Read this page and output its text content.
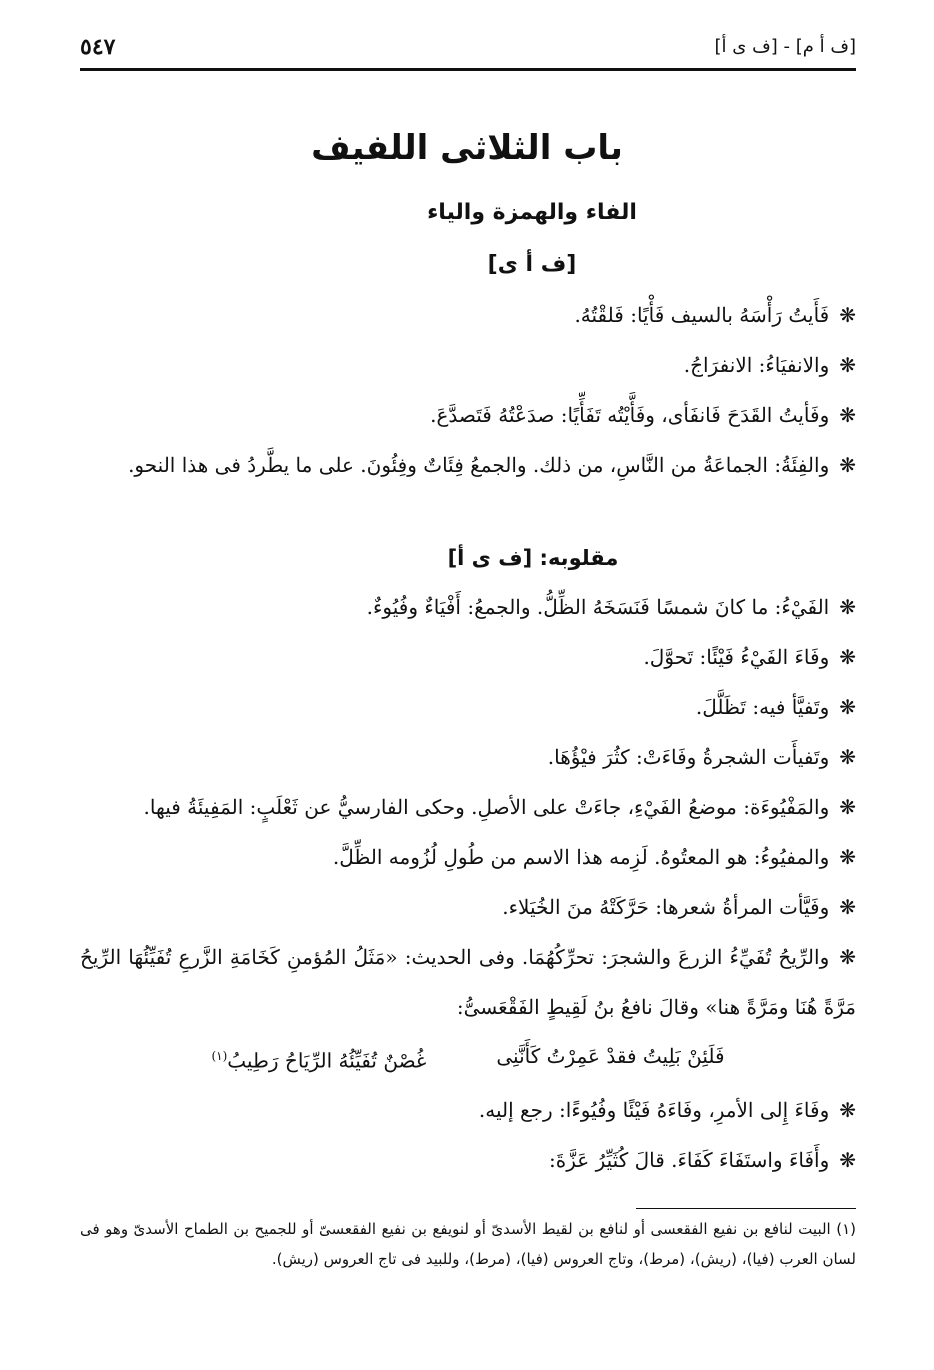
[ف أ م] - [ف ى أ]
٥٤٧
باب الثلاثى اللفيف
الفاء والهمزة والياء
[ف أ ى]

❋فَأَيتُ رَأْسَهُ بالسيف فَأْيًا: فَلقْتُهُ.

❋والانفيَاءُ: الانفرَاجُ.

❋وفَأيتُ القَدَحَ فَانفَأى، وفَأَّيْتُه تَفَأِّيًا: صدَعْتُهُ فَتَصدَّعَ.

❋والفِئَةُ: الجماعَةُ من النَّاسِ، من ذلك. والجمعُ فِئَاتٌ وفِئُونَ. على ما يطَّردُ فى هذا النحو.

مقلوبه: [ف ى أ]

❋الفَيْءُ: ما كانَ شمسًا فَنَسَخَهُ الظِّلُّ. والجمعُ: أَفْيَاءٌ وفُيُوءٌ.

❋وفَاءَ الفَيْءُ فَيْئًا: تَحوَّلَ.

❋وتَفيَّأ فيه: تَظَلَّلَ.

❋وتَفيأَت الشجرةُ وفَاءَتْ: كثُرَ فيْؤُهَا.

❋والمَفْيُوءَة: موضعُ الفَيْءِ، جاءَتْ على الأصلِ. وحكى الفارسيُّ عن ثَعْلَبٍ: المَفِيئَةُ فيها.

❋والمفيُوءُ: هو المعتُوهُ. لَزِمه هذا الاسم من طُولِ لُزُومه الظِّلَّ.

❋وفَيَّأت المرأةُ شعرها: حَرَّكَتْهُ منَ الخُيَلاء.

❋والرِّيحُ تُفَيِّءُ الزرعَ والشجرَ: تحرِّكُهُمَا. وفى الحديث: «مَثَلُ المُؤمنِ كَخَامَةِ الزَّرعِ تُفَيِّئُهَا الرِّيحُ مَرَّةً هُنَا ومَرَّةً هنا» وقالَ نافعُ بنُ لَقِيطٍ الفَقْعَسىُّ:

فَلَئِنْ بَلِيتُ فقدْ عَمِرْتُ كَأَنَّنِى
غُصْنٌ تُفَيِّئُهُ الرِّيَاحُ رَطِيبُ$^{(١)}$

❋وفَاءَ إِلى الأمرِ، وفَاءَهُ فَيْئًا وفُيُوءًا: رجع إليه.

❋وأَفَاءَ واستَفَاءَ كَفَاءَ. قالَ كُثَيِّرُ عَزَّةَ:

(١) البيت لنافع بن نفيع الفقعسى أو لنافع بن لقيط الأسدىّ أو لنويفع بن نفيع الفقعسىّ أو للجميح بن الطماح الأسدىّ وهو فى لسان العرب (فيا)، (ريش)، (مرط)، وتاج العروس (فيا)، (مرط)، وللبيد فى تاج العروس (ريش).
